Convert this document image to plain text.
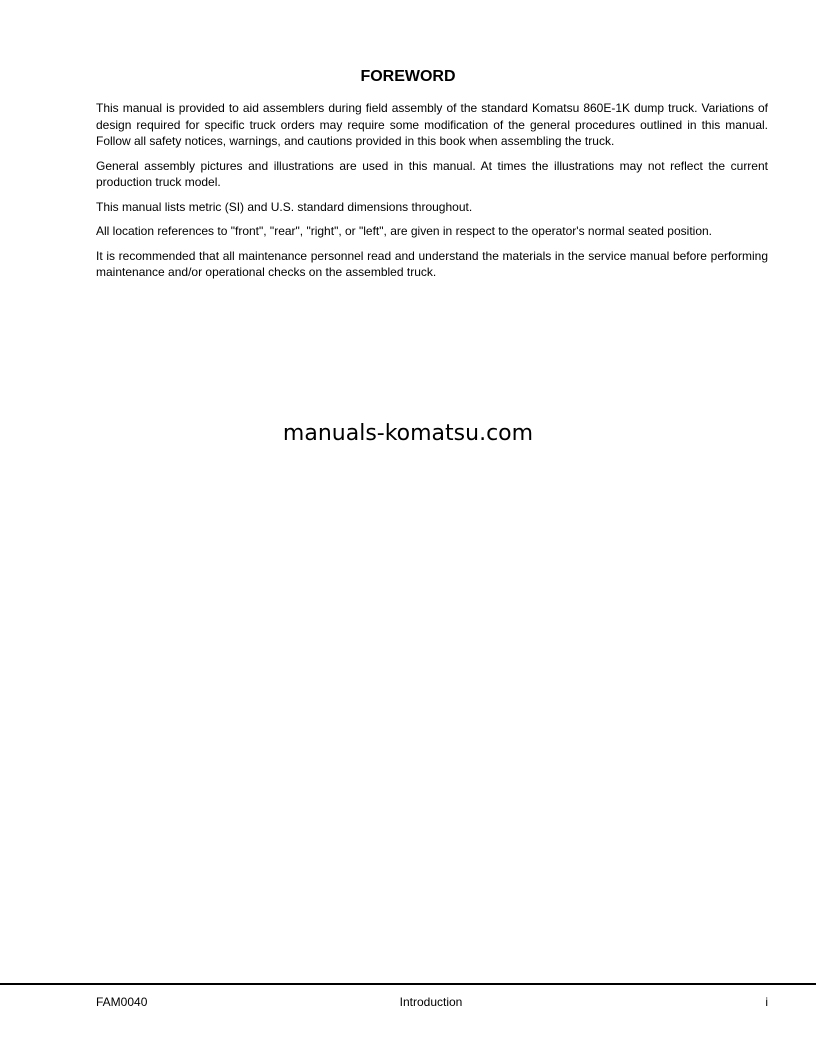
FOREWORD

This manual is provided to aid assemblers during field assembly of the standard Komatsu 860E-1K dump truck. Variations of design required for specific truck orders may require some modification of the general procedures outlined in this manual. Follow all safety notices, warnings, and cautions provided in this book when assembling the truck.

General assembly pictures and illustrations are used in this manual. At times the illustrations may not reflect the current production truck model.

This manual lists metric (SI) and U.S. standard dimensions throughout.

All location references to "front", "rear", "right", or "left", are given in respect to the operator's normal seated position.

It is recommended that all maintenance personnel read and understand the materials in the service manual before performing maintenance and/or operational checks on the assembled truck.

manuals-komatsu.com
FAM0040	Introduction	i
